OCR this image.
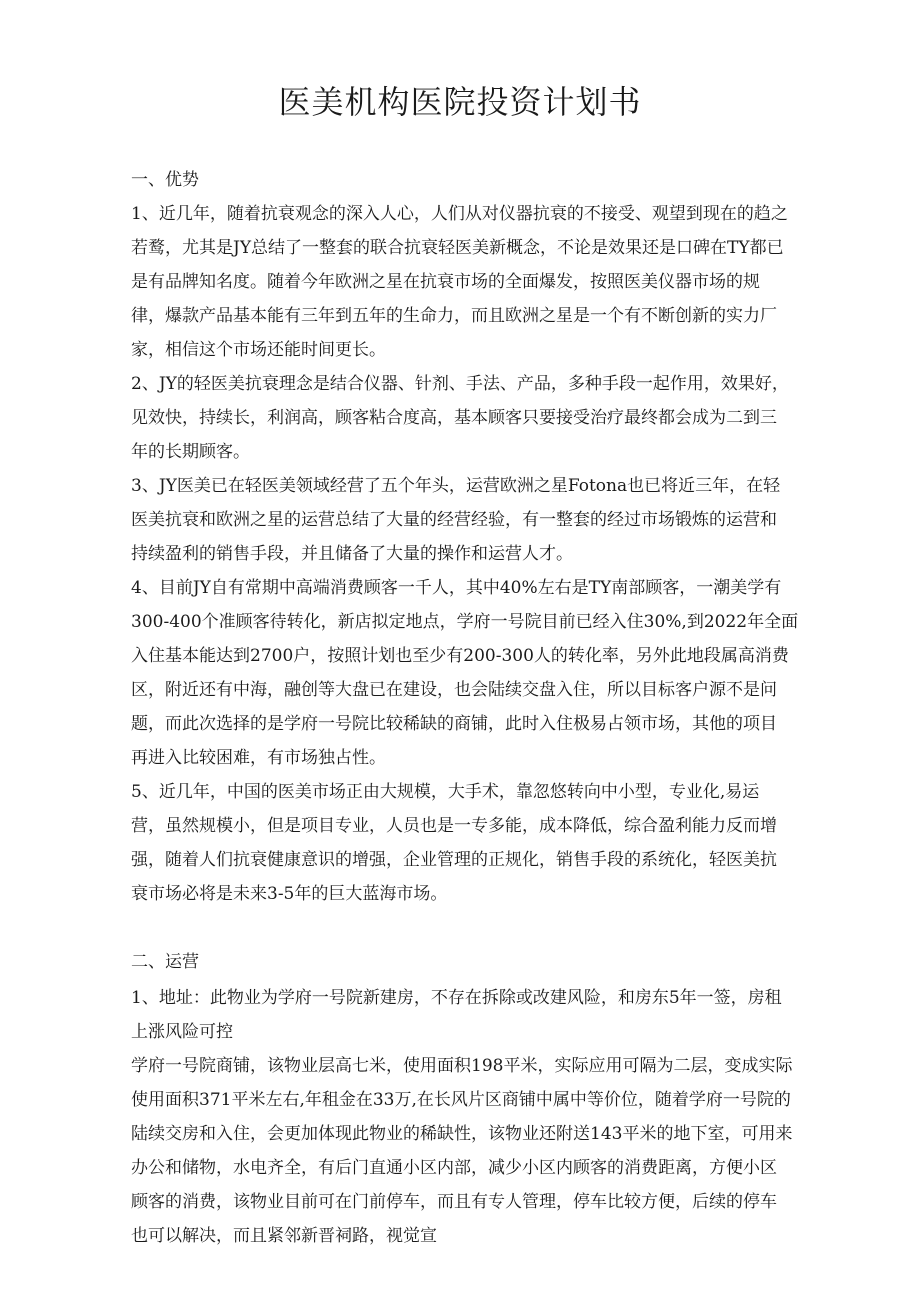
医美机构医院投资计划书
一、优势
1、近几年，随着抗衰观念的深入人心，人们从对仪器抗衰的不接受、观望到现在的趋之
若鹜，尤其是JY总结了一整套的联合抗衰轻医美新概念，不论是效果还是口碑在TY都已
是有品牌知名度。随着今年欧洲之星在抗衰市场的全面爆发，按照医美仪器市场的规
律，爆款产品基本能有三年到五年的生命力，而且欧洲之星是一个有不断创新的实力厂
家，相信这个市场还能时间更长。
2、JY的轻医美抗衰理念是结合仪器、针剂、手法、产品，多种手段一起作用，效果好，
见效快，持续长，利润高，顾客粘合度高，基本顾客只要接受治疗最终都会成为二到三
年的长期顾客。
3、JY医美已在轻医美领域经营了五个年头，运营欧洲之星Fotona也已将近三年，在轻
医美抗衰和欧洲之星的运营总结了大量的经营经验，有一整套的经过市场锻炼的运营和
持续盈利的销售手段，并且储备了大量的操作和运营人才。
4、目前JY自有常期中高端消费顾客一千人，其中40%左右是TY南部顾客，一潮美学有
300-400个准顾客待转化，新店拟定地点，学府一号院目前已经入住30%,到2022年全面
入住基本能达到2700户，按照计划也至少有200-300人的转化率，另外此地段属高消费
区，附近还有中海，融创等大盘已在建设，也会陆续交盘入住，所以目标客户源不是问
题，而此次选择的是学府一号院比较稀缺的商铺，此时入住极易占领市场，其他的项目
再进入比较困难，有市场独占性。
5、近几年，中国的医美市场正由大规模，大手术，靠忽悠转向中小型，专业化,易运
营，虽然规模小，但是项目专业，人员也是一专多能，成本降低，综合盈利能力反而增
强，随着人们抗衰健康意识的增强，企业管理的正规化，销售手段的系统化，轻医美抗
衰市场必将是未来3-5年的巨大蓝海市场。
二、运营
1、地址：此物业为学府一号院新建房，不存在拆除或改建风险，和房东5年一签，房租
上涨风险可控
学府一号院商铺，该物业层高七米，使用面积198平米，实际应用可隔为二层，变成实际
使用面积371平米左右,年租金在33万,在长风片区商铺中属中等价位，随着学府一号院的
陆续交房和入住，会更加体现此物业的稀缺性，该物业还附送143平米的地下室，可用来
办公和储物，水电齐全，有后门直通小区内部，减少小区内顾客的消费距离，方便小区
顾客的消费，该物业目前可在门前停车，而且有专人管理，停车比较方便，后续的停车
也可以解决，而且紧邻新晋祠路，视觉宣
